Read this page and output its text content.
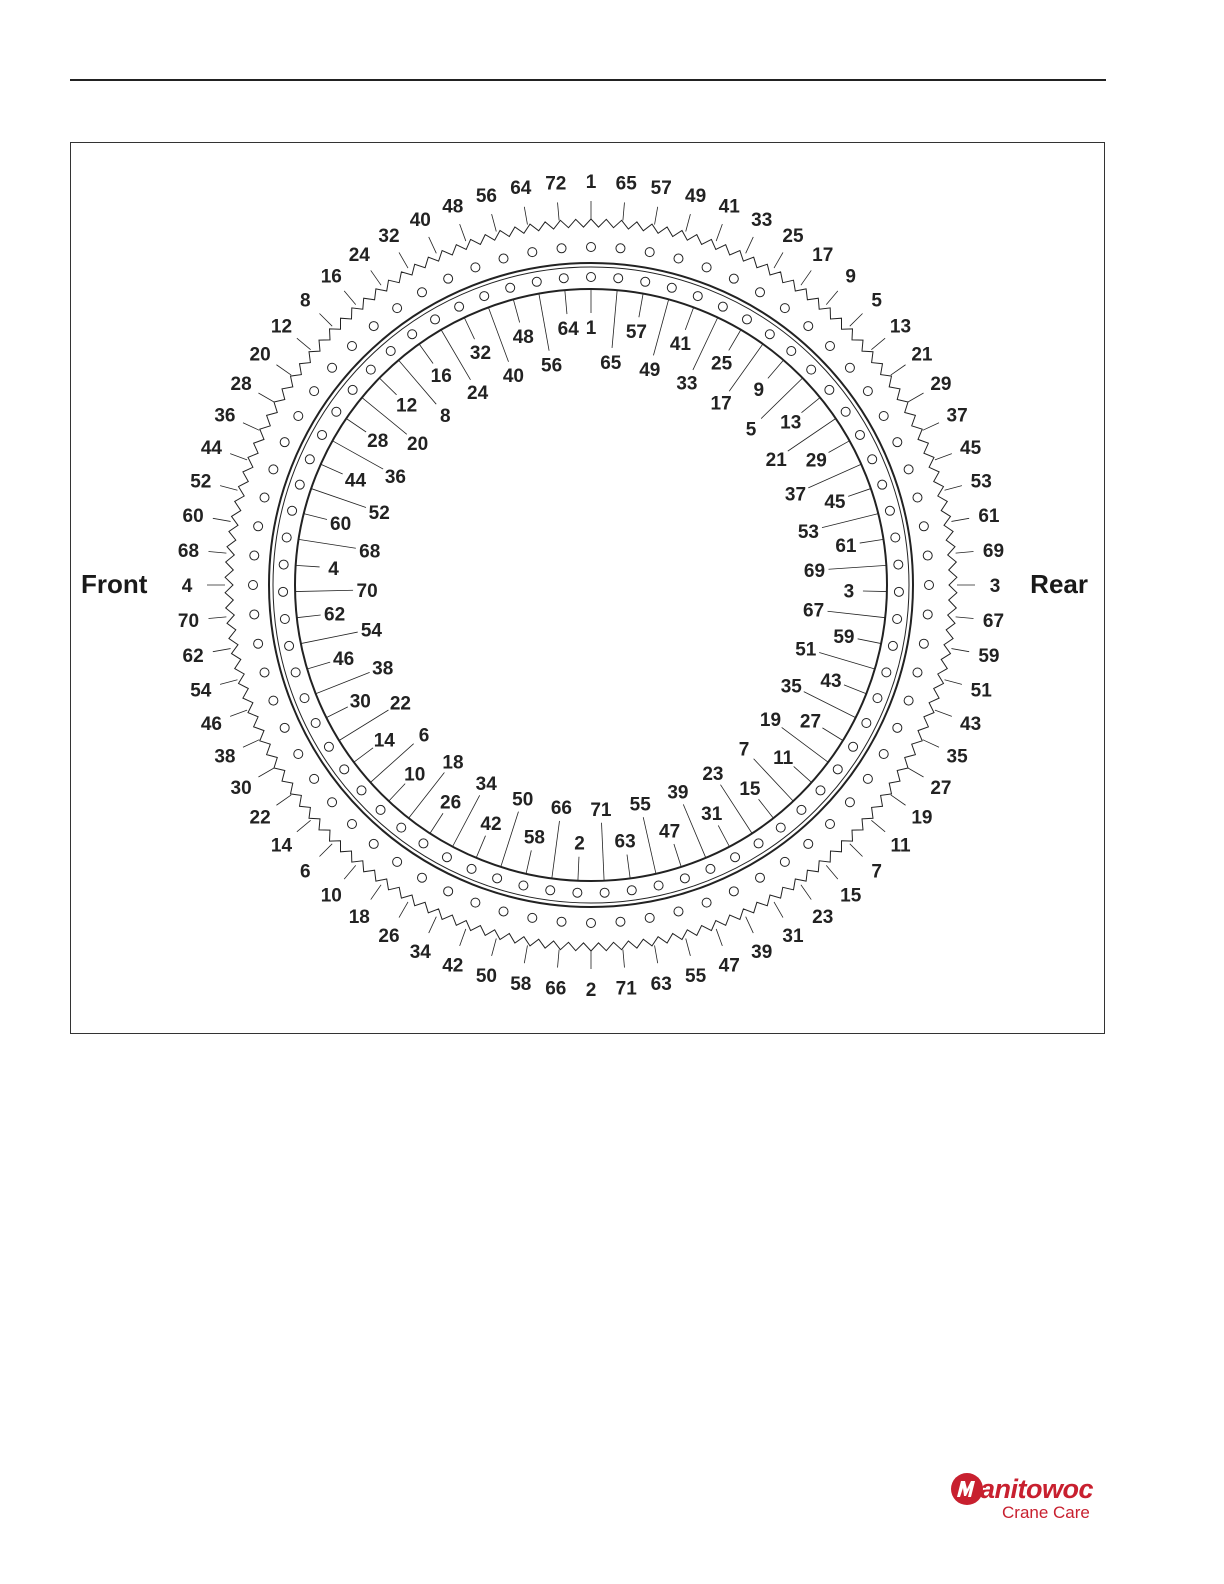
1 65 57 49
41
33
25
17
9
5
13
21
29
37
45
53
61
69
3
67
59
51
43
35
27
19
11
7
15
23
31
39
47
55
63
71
2
66
58
50
42
34
26
18
10
6
14
22
30
38
46
54
62
70
4
68
60
52
44
36
28
20
12
8
16
24
32
40
48
56 64 72
1 57
41
25
9
13
29
45
61
3
59
43
27
11
15
31
47
63
2
58
42
26
10
14
30
46
62
4
60
44
28
12
16
32
48 64
65 49
33
17
5
21
37
53
69
67
51
35
19
7
23
39
55
71
66
50
34
18
6
22
38
54
70
68
52
36
20
8
24
40 56
Front	Rear
anitowoc
Crane Care
